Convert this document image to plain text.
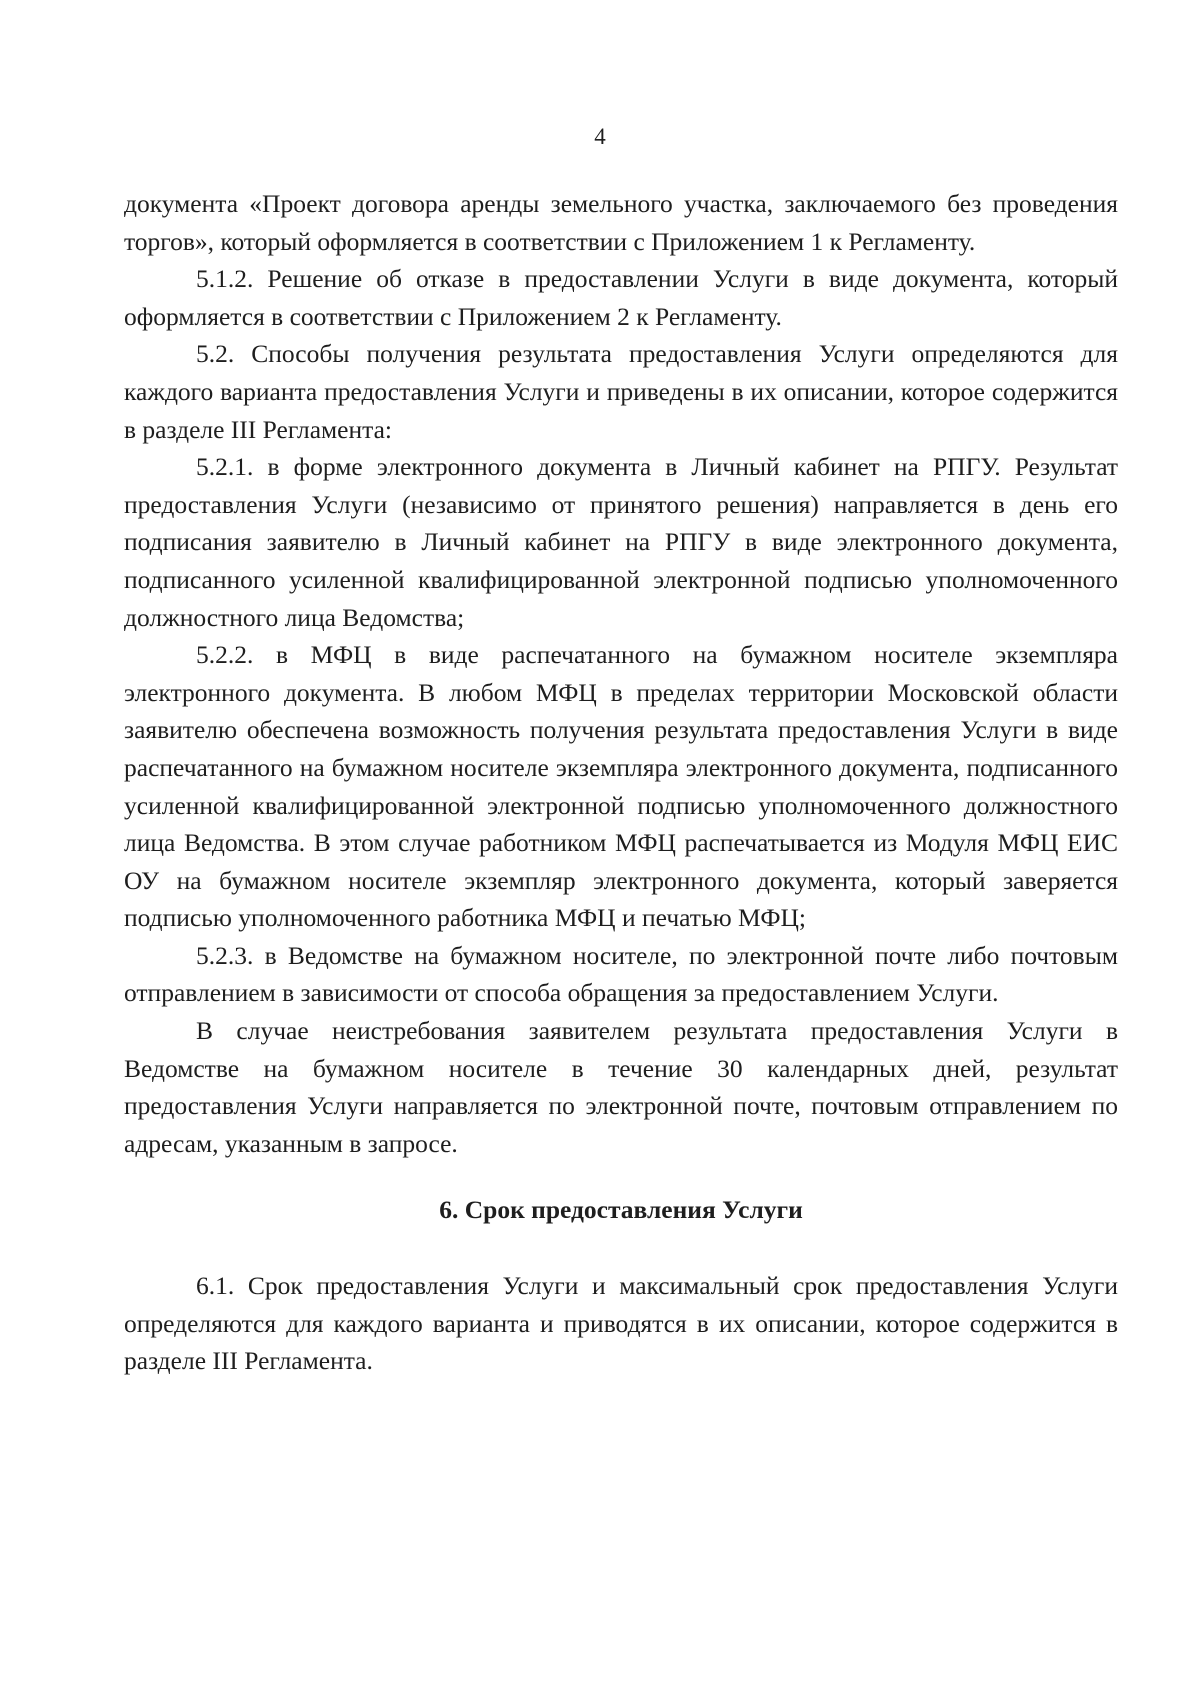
4

документа «Проект договора аренды земельного участка, заключаемого без проведения торгов», который оформляется в соответствии с Приложением 1 к Регламенту.

5.1.2. Решение об отказе в предоставлении Услуги в виде документа, который оформляется в соответствии с Приложением 2 к Регламенту.

5.2. Способы получения результата предоставления Услуги определяются для каждого варианта предоставления Услуги и приведены в их описании, которое содержится в разделе III Регламента:

5.2.1. в форме электронного документа в Личный кабинет на РПГУ. Результат предоставления Услуги (независимо от принятого решения) направляется в день его подписания заявителю в Личный кабинет на РПГУ в виде электронного документа, подписанного усиленной квалифицированной электронной подписью уполномоченного должностного лица Ведомства;

5.2.2. в МФЦ в виде распечатанного на бумажном носителе экземпляра электронного документа. В любом МФЦ в пределах территории Московской области заявителю обеспечена возможность получения результата предоставления Услуги в виде распечатанного на бумажном носителе экземпляра электронного документа, подписанного усиленной квалифицированной электронной подписью уполномоченного должностного лица Ведомства. В этом случае работником МФЦ распечатывается из Модуля МФЦ ЕИС ОУ на бумажном носителе экземпляр электронного документа, который заверяется подписью уполномоченного работника МФЦ и печатью МФЦ;

5.2.3. в Ведомстве на бумажном носителе, по электронной почте либо почтовым отправлением в зависимости от способа обращения за предоставлением Услуги.

В случае неистребования заявителем результата предоставления Услуги в Ведомстве на бумажном носителе в течение 30 календарных дней, результат предоставления Услуги направляется по электронной почте, почтовым отправлением по адресам, указанным в запросе.

6. Срок предоставления Услуги

6.1. Срок предоставления Услуги и максимальный срок предоставления Услуги определяются для каждого варианта и приводятся в их описании, которое содержится в разделе III Регламента.
